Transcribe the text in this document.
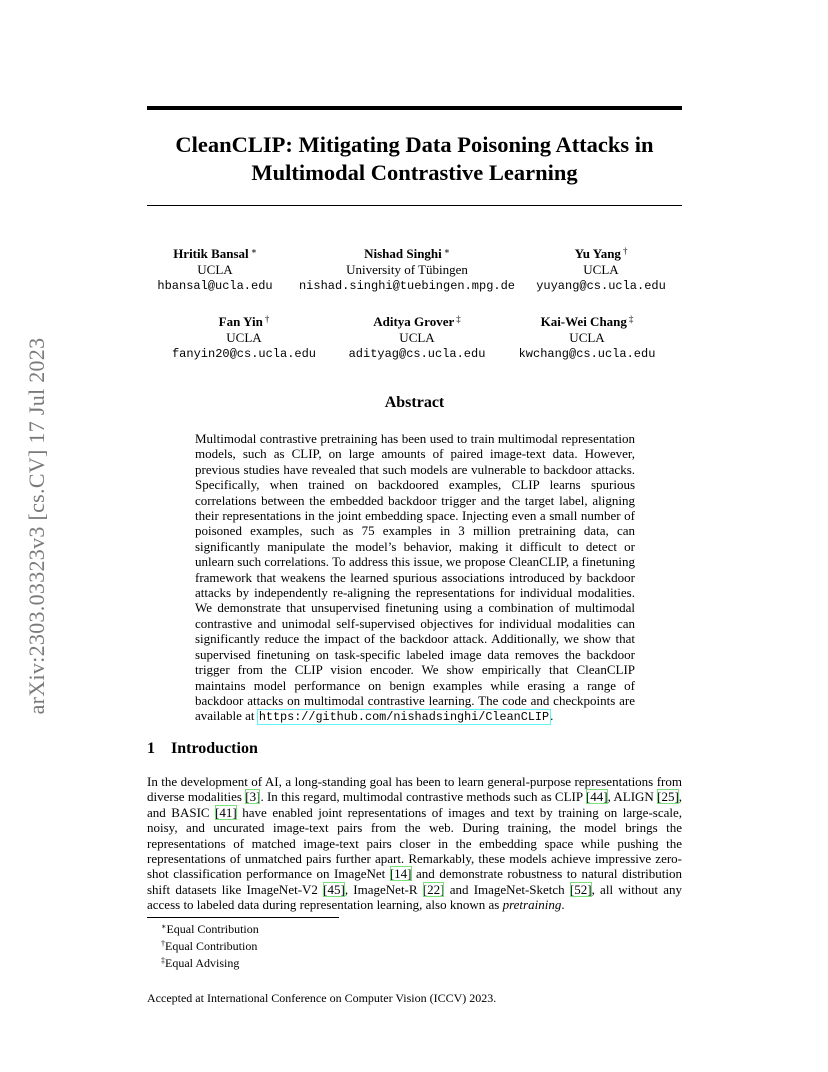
arXiv:2303.03323v3 [cs.CV] 17 Jul 2023
CleanCLIP: Mitigating Data Poisoning Attacks in Multimodal Contrastive Learning
Hritik Bansal ∗
UCLA
hbansal@ucla.edu
Nishad Singhi ∗
University of Tübingen
nishad.singhi@tuebingen.mpg.de
Yu Yang †
UCLA
yuyang@cs.ucla.edu
Fan Yin †
UCLA
fanyin20@cs.ucla.edu
Aditya Grover ‡
UCLA
adityag@cs.ucla.edu
Kai-Wei Chang ‡
UCLA
kwchang@cs.ucla.edu
Abstract

Multimodal contrastive pretraining has been used to train multimodal representation models, such as CLIP, on large amounts of paired image-text data. However, previous studies have revealed that such models are vulnerable to backdoor attacks. Specifically, when trained on backdoored examples, CLIP learns spurious correlations between the embedded backdoor trigger and the target label, aligning their representations in the joint embedding space. Injecting even a small number of poisoned examples, such as 75 examples in 3 million pretraining data, can significantly manipulate the model’s behavior, making it difficult to detect or unlearn such correlations. To address this issue, we propose CleanCLIP, a finetuning framework that weakens the learned spurious associations introduced by backdoor attacks by independently re-aligning the representations for individual modalities. We demonstrate that unsupervised finetuning using a combination of multimodal contrastive and unimodal self-supervised objectives for individual modalities can significantly reduce the impact of the backdoor attack. Additionally, we show that supervised finetuning on task-specific labeled image data removes the backdoor trigger from the CLIP vision encoder. We show empirically that CleanCLIP maintains model performance on benign examples while erasing a range of backdoor attacks on multimodal contrastive learning. The code and checkpoints are available at https://github.com/nishadsinghi/CleanCLIP.

1 Introduction

In the development of AI, a long-standing goal has been to learn general-purpose representations from diverse modalities [3]. In this regard, multimodal contrastive methods such as CLIP [44], ALIGN [25], and BASIC [41] have enabled joint representations of images and text by training on large-scale, noisy, and uncurated image-text pairs from the web. During training, the model brings the representations of matched image-text pairs closer in the embedding space while pushing the representations of unmatched pairs further apart. Remarkably, these models achieve impressive zero-shot classification performance on ImageNet [14] and demonstrate robustness to natural distribution shift datasets like ImageNet-V2 [45], ImageNet-R [22] and ImageNet-Sketch [52], all without any access to labeled data during representation learning, also known as pretraining.

∗Equal Contribution
†Equal Contribution
‡Equal Advising

Accepted at International Conference on Computer Vision (ICCV) 2023.
